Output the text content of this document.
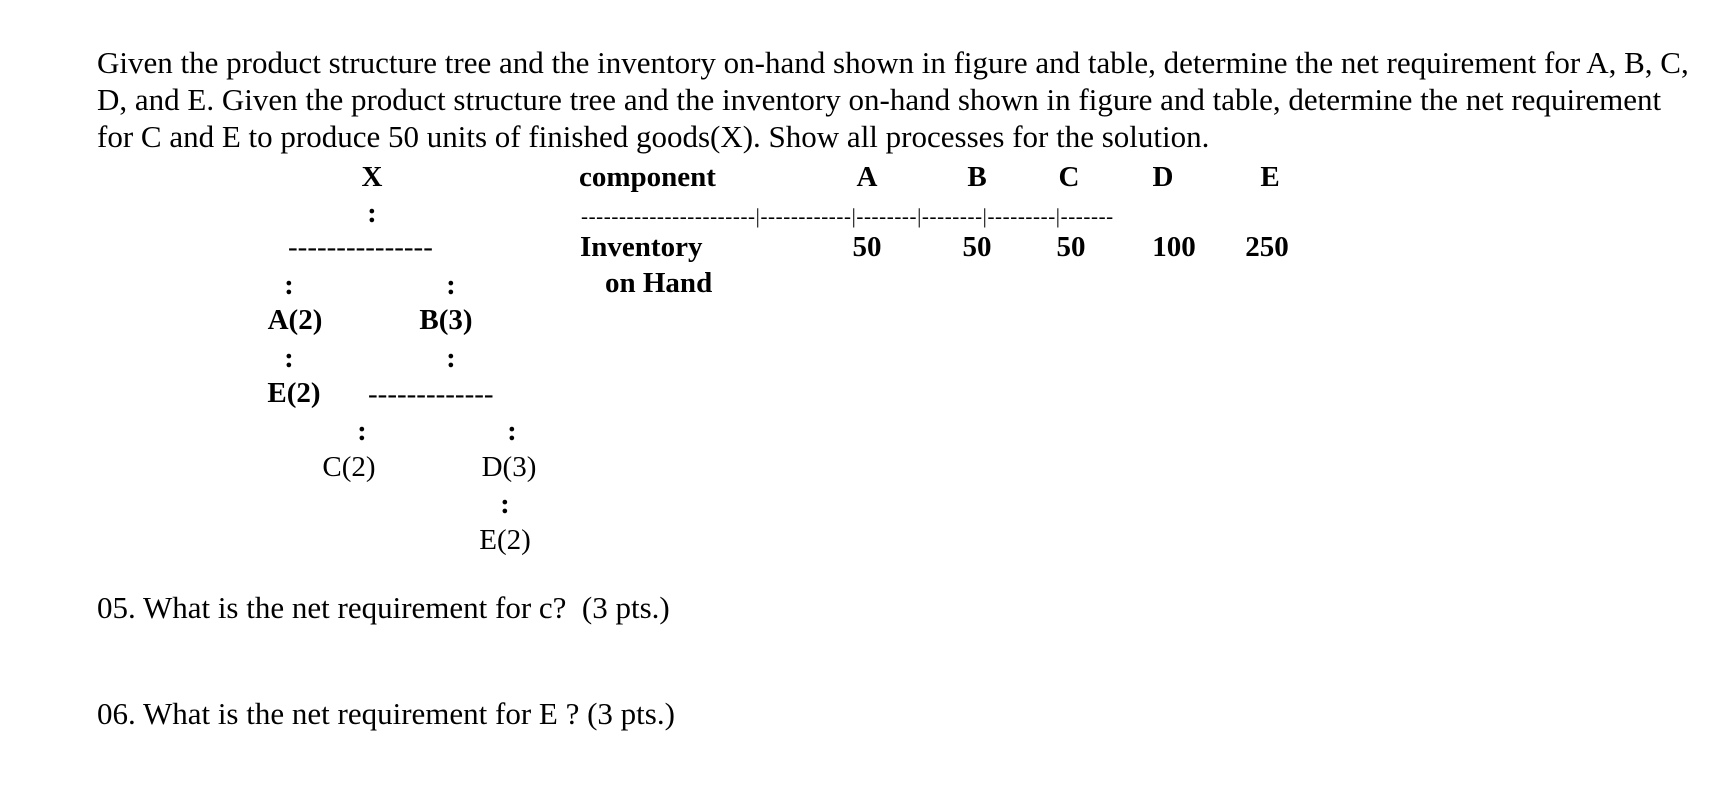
Given the product structure tree and the inventory on-hand shown in figure and table, determine the net requirement for A, B, C, D, and E. Given the product structure tree and the inventory on-hand shown in figure and table, determine the net requirement for C and E to produce 50 units of finished goods(X). Show all processes for the solution.

X
:
---------------
:	:
A(2)	B(3)
:	:
E(2) -------------
:	:
C(2)	D(3)
:
E(2)
component	A	B C	D	E
-----------------------|------------|--------|--------|---------|-------
Inventory
on Hand
50	50 50 100 250
05. What is the net requirement for c?  (3 pts.)
06. What is the net requirement for E ? (3 pts.)
